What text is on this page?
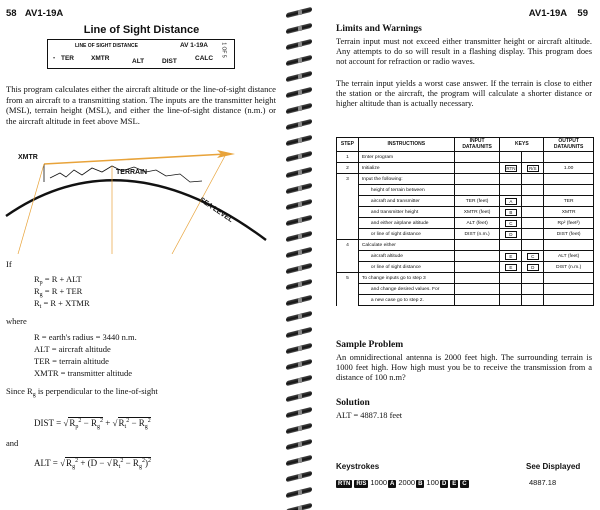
58 AV1-19A
Line of Sight Distance
LINE OF SIGHT DISTANCE	AV 1-19A 1 OF 5
• TER	XMTR	ALT	DIST	CALC
This program calculates either the aircraft altitude or the line-of-sight distance from an aircraft to a transmitting station. The inputs are the transmitter height (MSL), terrain height (MSL), and either the line-of-sight distance (n.m.) or the aircraft altitude in feet above MSL.
XMTR
TERRAIN
SEA LEVEL
If
$R_p = R$ + ALT
$R_g = R$ + TER
$R_t = R$ + XTMR
where
R = earth's radius = 3440 n.m.
ALT = aircraft altitude
TER = terrain altitude
XMTR = transmitter altitude
Since $R_g$ is perpendicular to the line-of-sight
DIST = $√R_p^2 - R_g^2 + √R_t^2 - R_g^2$
and
ALT = $√R_g^2 + (D - √R_t^2 - R_g^2)^2$
AV1-19A 59
Limits and Warnings
Terrain input must not exceed either transmitter height or aircraft altitude. Any attempts to do so will result in a flashing display. This program does not account for refraction or radio waves.
The terrain input yields a worst case answer. If the terrain is close to either the station or the aircraft, the program will calculate a shorter distance or higher altitude than is actually necessary.
STEP	INSTRUCTIONS	INPUT DATA/UNITS	KEYS		OUTPUT DATA/UNITS
1	Enter program				
2	Initialize		RTN	R/S	1.00
3	Input the following:				
	height of terrain between				
	aircraft and transmitter	TER (feet)	A		TER
	and transmitter height	XMTR (feet)	B		XMTR
	and either airplane altitude	ALT (feet)	C		Rp² (feet²)
	or line of sight distance	DIST (n.m.)	D		DIST (feet)
4	Calculate either				
	aircraft altitude		E	C	ALT (feet)
	or line of sight distance		E	D	DIST (n.m.)
5	To change inputs go to step 3				
	and change desired values. For				
	a new case go to step 2.				
Sample Problem
An omnidirectional antenna is 2000 feet high. The surrounding terrain is 1000 feet high. How high must you be to receive the transmission from a distance of 100 n.m?
Solution
ALT = 4887.18 feet
Keystrokes	See Displayed
RTN R/S 1000 A 2000 B 100 D E C	4887.18
